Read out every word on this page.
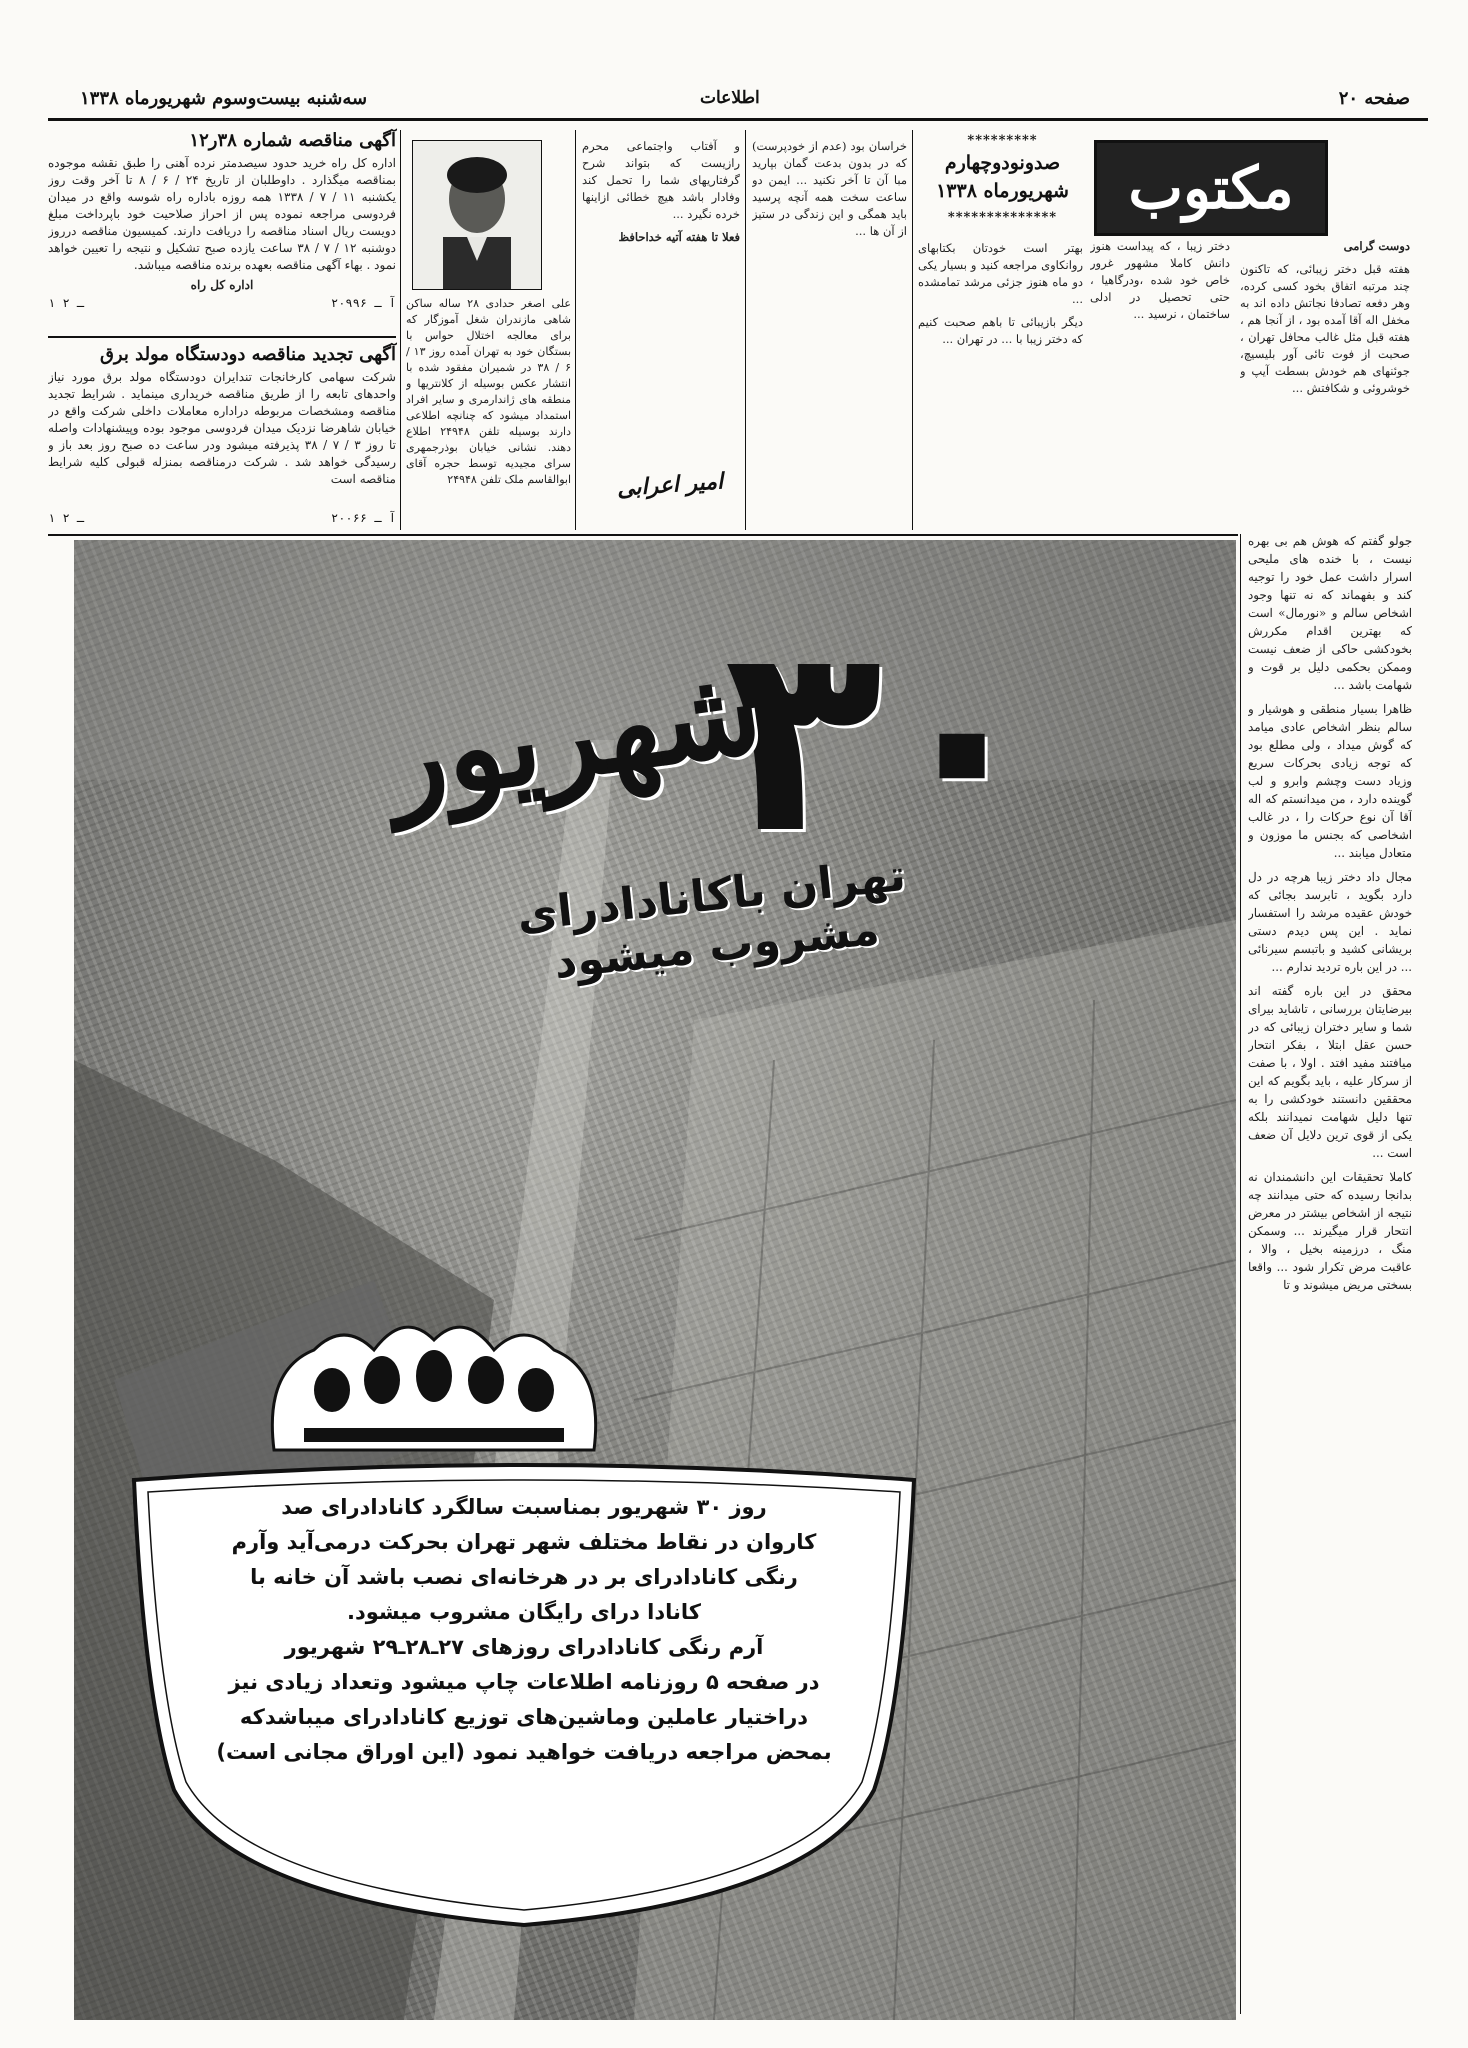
سه‌شنبه بیست‌وسوم شهریورماه ۱۳۳۸	اطلاعات	صفحه ۲۰
مکتوب
*********
صدونودوچهارم
شهریورماه ۱۳۳۸
**************

دوست گرامی

هفته قبل دختر زیبائی، که تاکنون چند مرتبه اتفاق بخود کسی کرده، وهر دفعه تصادفا نجاتش داده اند به مخفل اله آقا آمده بود ، از آنجا هم ، هفته قبل مثل غالب محافل تهران ، صحبت از فوت تائی آور بلیسیچ، جوئنهای هم خودش بسطت آیپ و خوشروئی و شکافتش ...

دختر زیبا ، که پیداست هنوز دانش کاملا مشهور غرور خاص خود شده ،ودرگاهیا ، حتی تحصیل در ادلی ساختمان ، نرسید ...

بهتر است خودتان بکتابهای روانکاوی مراجعه کنید و بسیار یکی دو ماه هنوز جزئی مرشد تمامشده ...

دیگر بازیبائی تا باهم صحبت کنیم که دختر زیبا با ... در تهران ...

خراسان بود (عدم از خودپرست) که در بدون بدعت گمان بپارید مبا آن تا آخر نکنید ... ایمن دو ساعت سخت همه آنچه پرسید باید همگی و این زندگی در ستیز از آن ها ...

و آفتاب واجتماعی محرم رازیست که بتواند شرح گرفتاریهای شما را تحمل کند وفادار باشد هیچ خطائی ازاینها خرده نگیرد ...

فعلا تا هفته آتیه خداحافظ

امیر اعرابی
علی اصغر حدادی ۲۸ ساله ساکن شاهی مازندران شغل آموزگار که برای معالجه اختلال حواس با بستگان خود به تهران آمده روز ۱۳ / ۶ / ۳۸ در شمیران مفقود شده با انتشار عکس بوسیله از کلانتریها و منطقه های ژاندارمری و سایر افراد استمداد میشود که چنانچه اطلاعی دارند بوسیله تلفن ۲۴۹۴۸ اطلاع دهند. نشانی خیابان بوذرجمهری سرای مجیدیه توسط حجره آقای ابوالقاسم ملک تلفن ۲۴۹۴۸
آگهی مناقصه شماره ۳۸ر۱۲
اداره کل راه خرید حدود سیصدمتر نرده آهنی را طبق نقشه موجوده بمناقصه میگذارد . داوطلبان از تاریخ ۲۴ / ۶ / ۸ تا آخر وقت روز یکشنبه ۱۱ / ۷ / ۱۳۳۸ همه روزه باداره راه شوسه واقع در میدان فردوسی مراجعه نموده پس از احراز صلاحیت خود باپرداخت مبلغ دویست ریال اسناد مناقصه را دریافت دارند. کمیسیون مناقصه درروز دوشنبه ۱۲ / ۷ / ۳۸ ساعت یازده صبح تشکیل و نتیجه را تعیین خواهد نمود . بهاء آگهی مناقصه بعهده برنده مناقصه میباشد.
اداره کل راه
۱ ـ ۲	آ ـ ۲۰۹۹۶
آگهی تجدید مناقصه دودستگاه مولد برق
شرکت سهامی کارخانجات تندایران دودستگاه مولد برق مورد نیاز واحدهای تابعه را از طریق مناقصه خریداری مینماید . شرایط تجدید مناقصه ومشخصات مربوطه دراداره معاملات داخلی شرکت واقع در خیابان شاهرضا نزدیک میدان فردوسی موجود بوده وپیشنهادات واصله تا روز ۳ / ۷ / ۳۸ پذیرفته میشود ودر ساعت ده صبح روز بعد باز و رسیدگی خواهد شد . شرکت درمناقصه بمنزله قبولی کلیه شرایط مناقصه است
۱ ـ ۲	آ ـ ۲۰۰۶۶

جولو گفتم که هوش هم بی بهره نیست ، با خنده های ملیحی اسرار داشت عمل خود را توجیه کند و بفهماند که نه تنها وجود اشخاص سالم و «نورمال» است که بهترین اقدام مکررش بخودکشی حاکی از ضعف نیست وممکن بحکمی دلیل بر قوت و شهامت باشد ...

ظاهرا بسیار منطقی و هوشیار و سالم بنظر اشخاص عادی میامد که گوش میداد ، ولی مطلع بود که توجه زیادی بحرکات سریع وزیاد دست وچشم وابرو و لب گوینده دارد ، من میدانستم که اله آقا آن نوع حرکات را ، در غالب اشخاصی که بجنس ما موزون و متعادل میابند ...

مجال داد دختر زیبا هرچه در دل دارد بگوید ، تابرسد بجائی که خودش عقیده مرشد را استفسار نماید . این پس دیدم دستی بریشانی کشید و باتبسم سیرنائی ... در این باره تردید ندارم ...

محقق در این باره گفته اند بیرضایتان بررسانی ، تاشاید بیرای شما و سایر دختران زیبائی که در حسن عقل ابتلا ، بفکر انتحار میافتند مفید افتد . اولا ، با صفت از سرکار علیه ، باید بگویم که این محققین دانستند خودکشی را به تنها دلیل شهامت نمیدانند بلکه یکی از قوی ترین دلایل آن ضعف است ...

کاملا تحقیقات این دانشمندان نه بدانجا رسیده که حتی میدانند چه نتیجه از اشخاص بیشتر در معرض انتحار قرار میگیرند ... وسمکن منگ ، درزمینه بخیل ، والا ، عاقبت مرض تکرار شود ... واقعا بسختی مریض میشوند و تا

۳۰
شهریور
تهران باکانادادرای مشروب میشود
روز ۳۰ شهریور بمناسبت سالگرد کانادادرای صد
کاروان در نقاط مختلف شهر تهران بحرکت درمی‌آید وآرم
رنگی کانادادرای بر در هرخانه‌ای نصب باشد آن خانه با
کانادا درای رایگان مشروب میشود.
آرم رنگی کانادادرای روزهای ۲۷ـ۲۸ـ۲۹ شهریور
در صفحه ۵ روزنامه اطلاعات چاپ میشود وتعداد زیادی نیز
دراختیار عاملین وماشین‌های توزیع کانادادرای میباشدکه
بمحض مراجعه دریافت خواهید نمود (این اوراق مجانی است)
